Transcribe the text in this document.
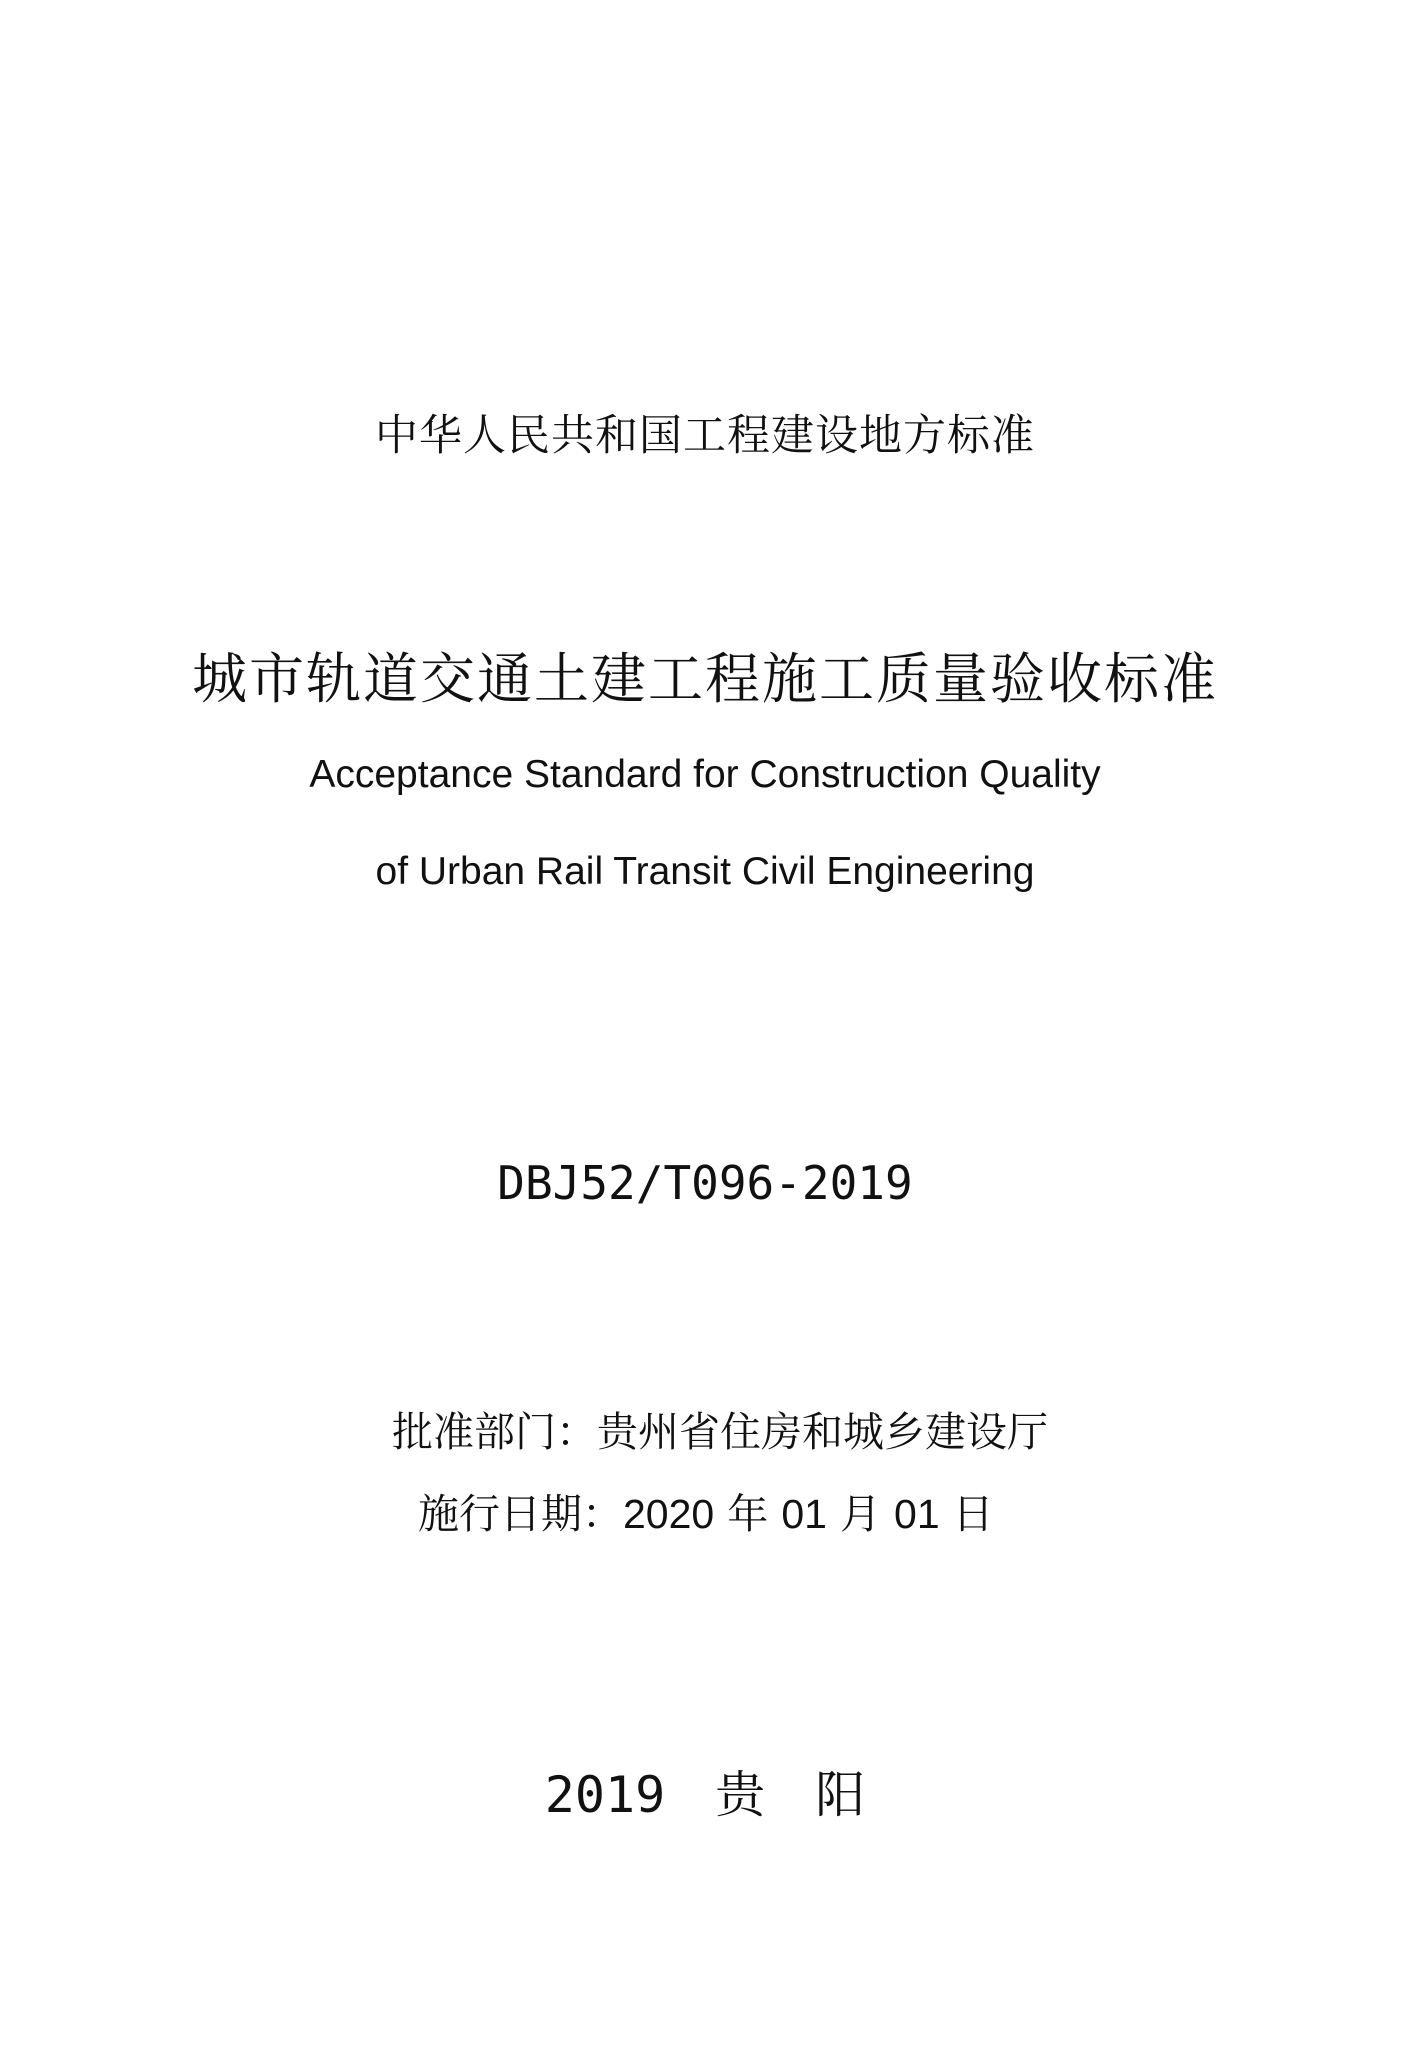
中华人民共和国工程建设地方标准
城市轨道交通土建工程施工质量验收标准
Acceptance Standard for Construction Quality
of Urban Rail Transit Civil Engineering
DBJ52/T096-2019
批准部门：贵州省住房和城乡建设厅
施行日期：2020 年 01 月 01 日
2019　贵　阳
